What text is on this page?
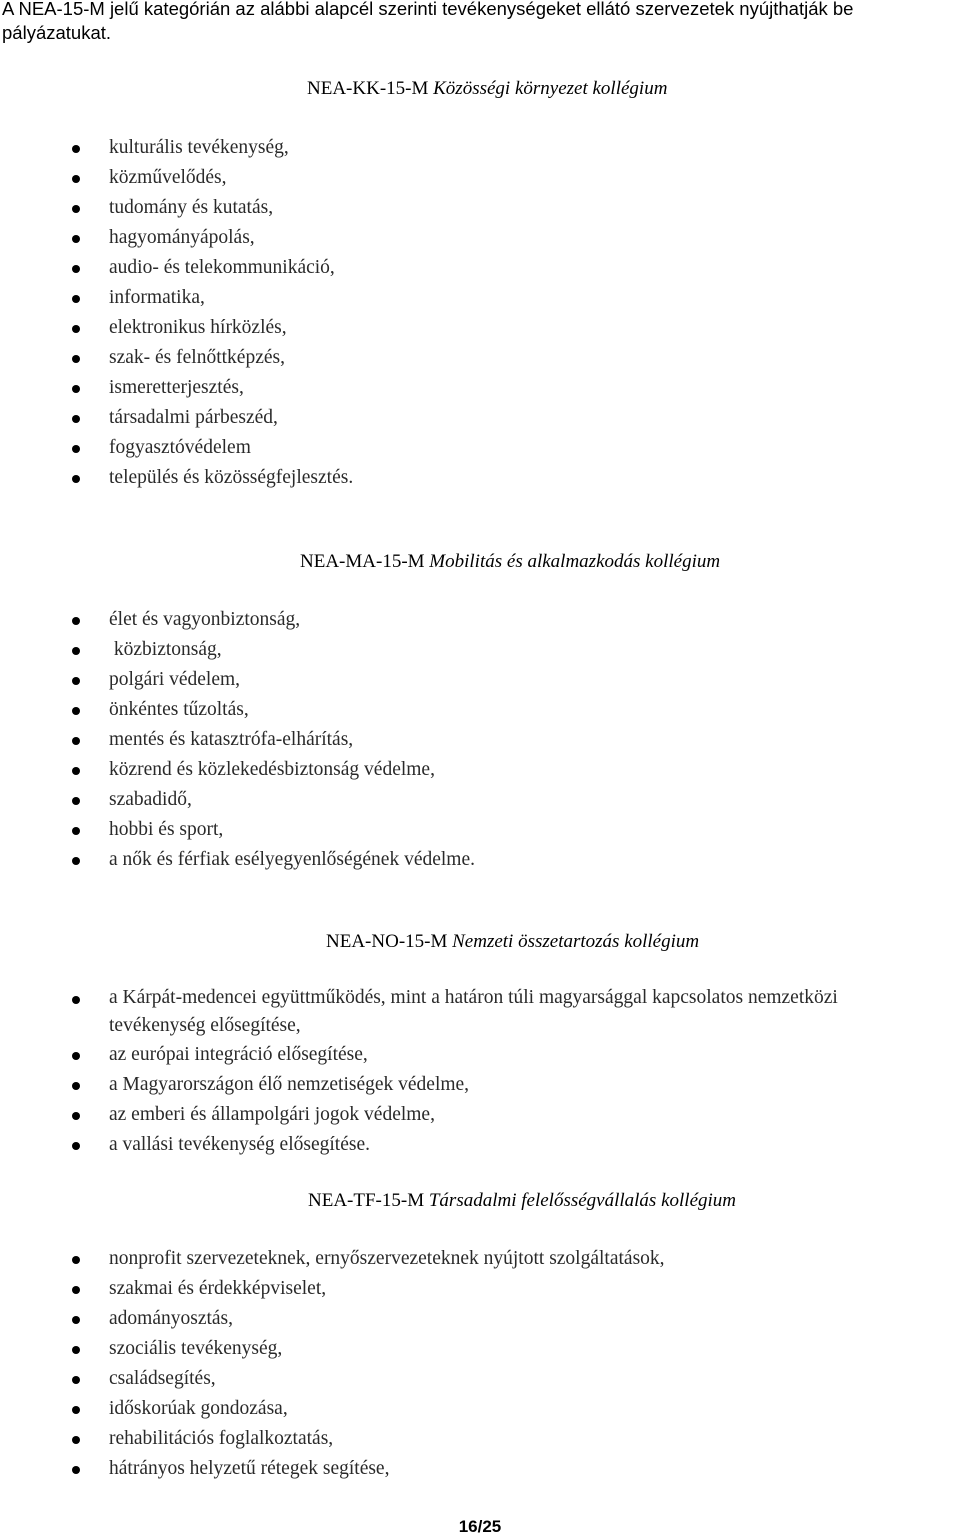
A NEA-15-M jelű kategórián az alábbi alapcél szerinti tevékenységeket ellátó szervezetek nyújthatják be pályázatukat.

NEA-KK-15-M Közösségi környezet kollégium
kulturális tevékenység,
közművelődés,
tudomány és kutatás,
hagyományápolás,
audio- és telekommunikáció,
informatika,
elektronikus hírközlés,
szak- és felnőttképzés,
ismeretterjesztés,
társadalmi párbeszéd,
fogyasztóvédelem
település és közösségfejlesztés.
NEA-MA-15-M Mobilitás és alkalmazkodás kollégium
élet és vagyonbiztonság,
közbiztonság,
polgári védelem,
önkéntes tűzoltás,
mentés és katasztrófa-elhárítás,
közrend és közlekedésbiztonság védelme,
szabadidő,
hobbi és sport,
a nők és férfiak esélyegyenlőségének védelme.
NEA-NO-15-M Nemzeti összetartozás kollégium
a Kárpát-medencei együttműködés, mint a határon túli magyarsággal kapcsolatos nemzetközi tevékenység elősegítése,
az európai integráció elősegítése,
a Magyarországon élő nemzetiségek védelme,
az emberi és állampolgári jogok védelme,
a vallási tevékenység elősegítése.
NEA-TF-15-M Társadalmi felelősségvállalás kollégium
nonprofit szervezeteknek, ernyőszervezeteknek nyújtott szolgáltatások,
szakmai és érdekképviselet,
adományosztás,
szociális tevékenység,
családsegítés,
időskorúak gondozása,
rehabilitációs foglalkoztatás,
hátrányos helyzetű rétegek segítése,
16/25
